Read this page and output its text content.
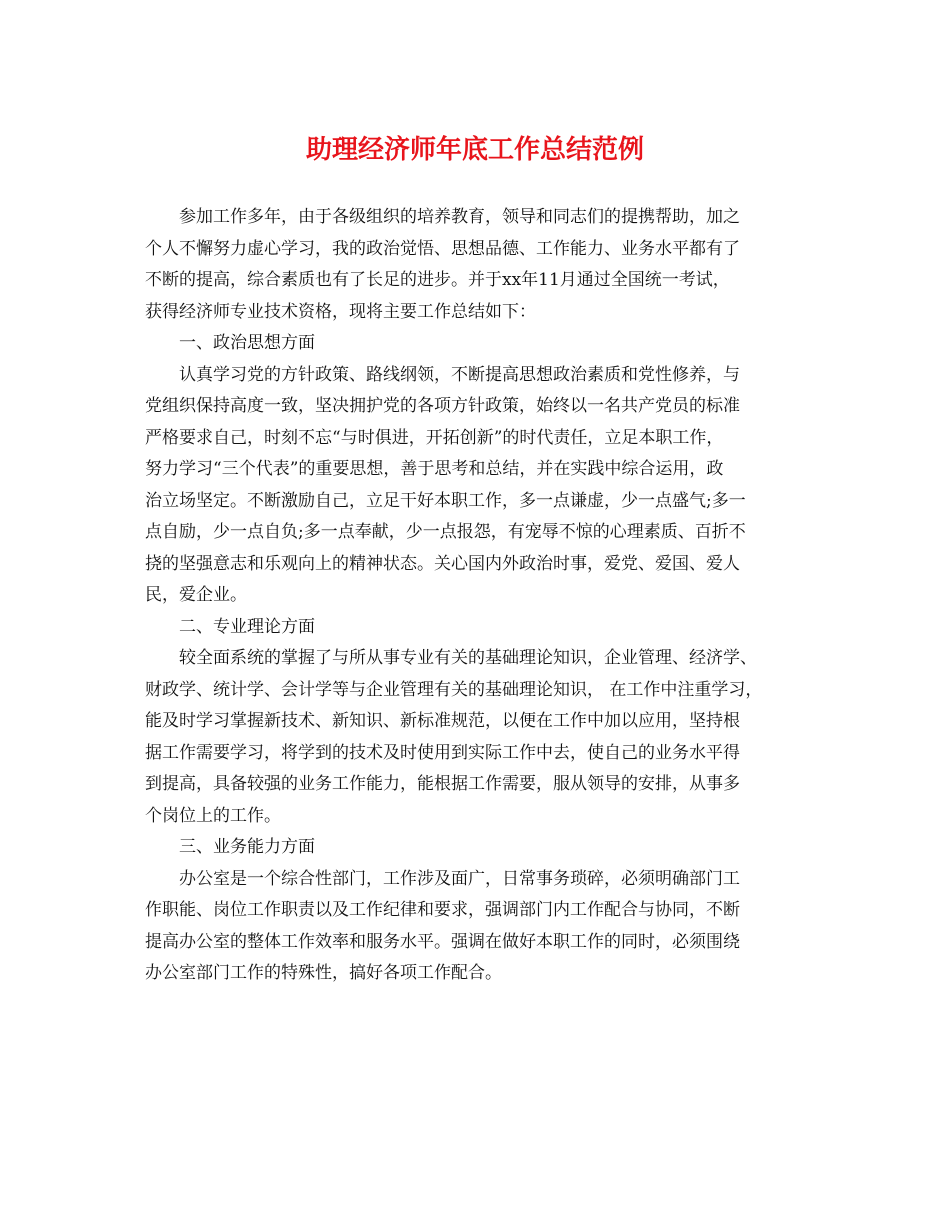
助理经济师年底工作总结范例
参加工作多年，由于各级组织的培养教育，领导和同志们的提携帮助，加之
个人不懈努力虚心学习，我的政治觉悟、思想品德、工作能力、业务水平都有了
不断的提高，综合素质也有了长足的进步。并于xx年11月通过全国统一考试，
获得经济师专业技术资格，现将主要工作总结如下：
一、政治思想方面
认真学习党的方针政策、路线纲领，不断提高思想政治素质和党性修养，与
党组织保持高度一致，坚决拥护党的各项方针政策，始终以一名共产党员的标准
严格要求自己，时刻不忘“与时俱进，开拓创新”的时代责任，立足本职工作，
努力学习“三个代表”的重要思想，善于思考和总结，并在实践中综合运用，政
治立场坚定。不断激励自己，立足干好本职工作，多一点谦虚，少一点盛气;多一
点自励，少一点自负;多一点奉献，少一点报怨，有宠辱不惊的心理素质、百折不
挠的坚强意志和乐观向上的精神状态。关心国内外政治时事，爱党、爱国、爱人
民，爱企业。
二、专业理论方面
较全面系统的掌握了与所从事专业有关的基础理论知识，企业管理、经济学、
财政学、统计学、会计学等与企业管理有关的基础理论知识， 在工作中注重学习，
能及时学习掌握新技术、新知识、新标准规范，以便在工作中加以应用，坚持根
据工作需要学习，将学到的技术及时使用到实际工作中去，使自己的业务水平得
到提高，具备较强的业务工作能力，能根据工作需要，服从领导的安排，从事多
个岗位上的工作。
三、业务能力方面
办公室是一个综合性部门，工作涉及面广，日常事务琐碎，必须明确部门工
作职能、岗位工作职责以及工作纪律和要求，强调部门内工作配合与协同，不断
提高办公室的整体工作效率和服务水平。强调在做好本职工作的同时，必须围绕
办公室部门工作的特殊性，搞好各项工作配合。
